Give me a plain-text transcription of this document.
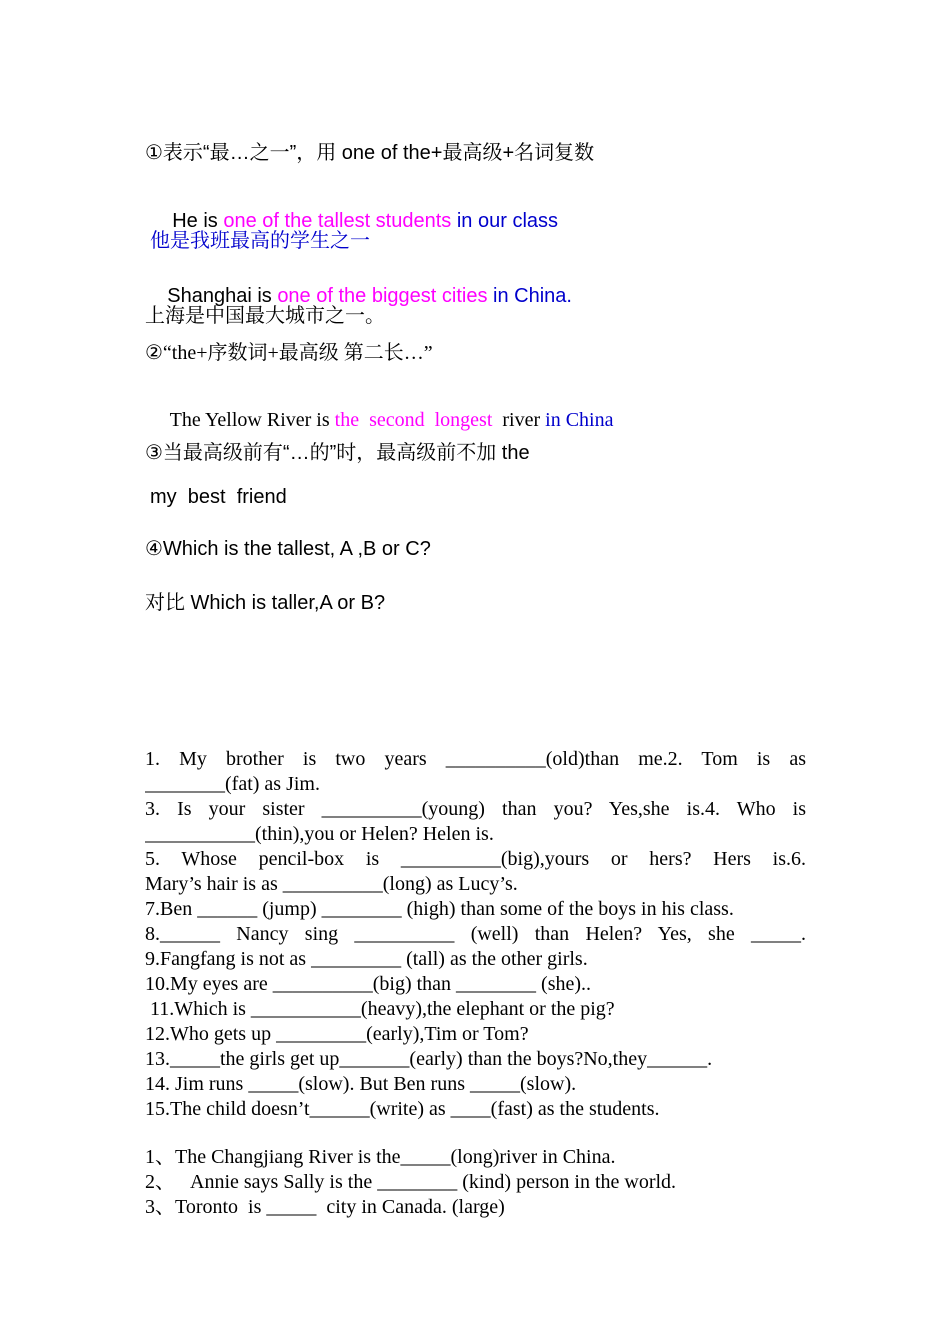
①表示“最…之一”，用 one of the+最高级+名词复数

He is one of the tallest students in our class

他是我班最高的学生之一

Shanghai is one of the biggest cities in China.

上海是中国最大城市之一。
②“the+序数词+最高级 第二长…”

The Yellow River is the  second  longest  river in China

③当最高级前有“…的”时，最高级前不加 the
my  best  friend
④Which is the tallest, A ,B or C?
对比 Which is taller,A or B?
1. My brother is two years __________(old)than me.2. Tom is as
________(fat) as Jim.
3. Is your sister __________(young) than you? Yes,she is.4. Who is
___________(thin),you or Helen? Helen is.
5. Whose pencil-box is __________(big),yours or hers? Hers is.6.
Mary’s hair is as __________(long) as Lucy’s.
7.Ben ______ (jump) ________ (high) than some of the boys in his class.
8.______ Nancy sing __________ (well) than Helen? Yes, she _____.
9.Fangfang is not as _________ (tall) as the other girls.
10.My eyes are __________(big) than ________ (she)..
11.Which is ___________(heavy),the elephant or the pig?
12.Who gets up _________(early),Tim or Tom?
13._____the girls get up_______(early) than the boys?No,they______.
14. Jim runs _____(slow). But Ben runs _____(slow).
15.The child doesn’t______(write) as ____(fast) as the students.
1、The Changjiang River is the_____(long)river in China.
2、   Annie says Sally is the ________ (kind) person in the world.
3、Toronto  is _____  city in Canada. (large)
